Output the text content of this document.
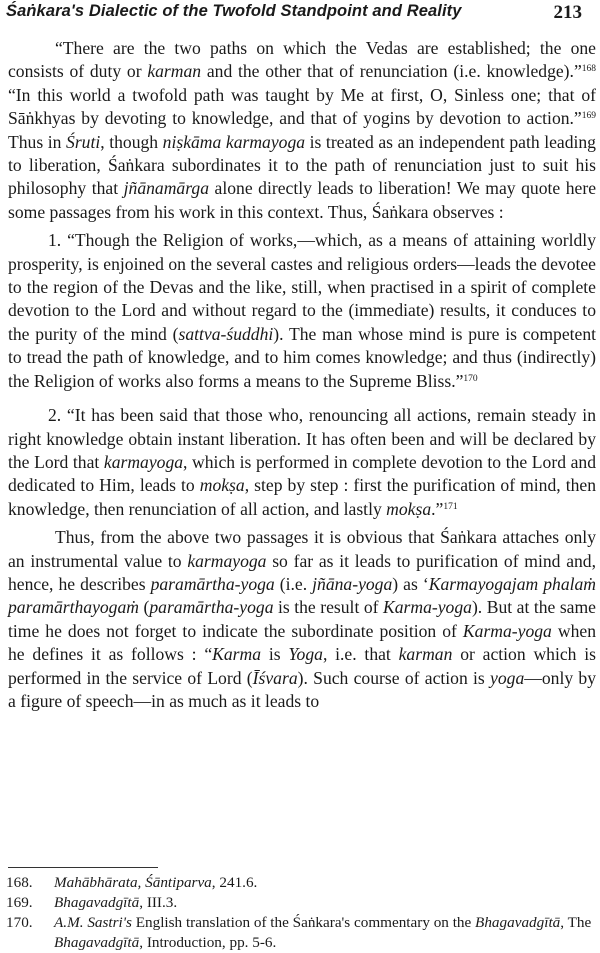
Śaṅkara's Dialectic of the Twofold Standpoint and Reality	213

“There are the two paths on which the Vedas are established; the one consists of duty or karman and the other that of renunciation (i.e. knowledge).”$^{168}$ “In this world a twofold path was taught by Me at first, O, Sinless one; that of Sāṅkhyas by devoting to knowledge, and that of yogins by devotion to action.”$^{169}$ Thus in Śruti, though niṣkāma karmayoga is treated as an independent path leading to liberation, Śaṅkara subordinates it to the path of renunciation just to suit his philosophy that jñānamārga alone directly leads to liberation! We may quote here some passages from his work in this context. Thus, Śaṅkara observes :

1. “Though the Religion of works,—which, as a means of attaining worldly prosperity, is enjoined on the several castes and religious orders—leads the devotee to the region of the Devas and the like, still, when practised in a spirit of complete devotion to the Lord and without regard to the (immediate) results, it conduces to the purity of the mind (sattva-śuddhi). The man whose mind is pure is competent to tread the path of knowledge, and to him comes knowledge; and thus (indirectly) the Religion of works also forms a means to the Supreme Bliss.”$^{170}$

2. “It has been said that those who, renouncing all actions, remain steady in right knowledge obtain instant liberation. It has often been and will be declared by the Lord that karmayoga, which is performed in complete devotion to the Lord and dedicated to Him, leads to mokṣa, step by step : first the purification of mind, then knowledge, then renunciation of all action, and lastly mokṣa.”$^{171}$

Thus, from the above two passages it is obvious that Śaṅkara attaches only an instrumental value to karmayoga so far as it leads to purification of mind and, hence, he describes paramārtha-yoga (i.e. jñāna-yoga) as ‘Karmayogajam phalaṁ paramārthayogaṁ (paramārtha-yoga is the result of Karma-yoga). But at the same time he does not forget to indicate the subordinate position of Karma-yoga when he defines it as follows : “Karma is Yoga, i.e. that karman or action which is performed in the service of Lord (Īśvara). Such course of action is yoga—only by a figure of speech—in as much as it leads to

168. Mahābhārata, Śāntiparva, 241.6.
169. Bhagavadgītā, III.3.
170. A.M. Sastri's English translation of the Śaṅkara's commentary on the Bhagavadgītā, The Bhagavadgītā, Introduction, pp. 5-6.
